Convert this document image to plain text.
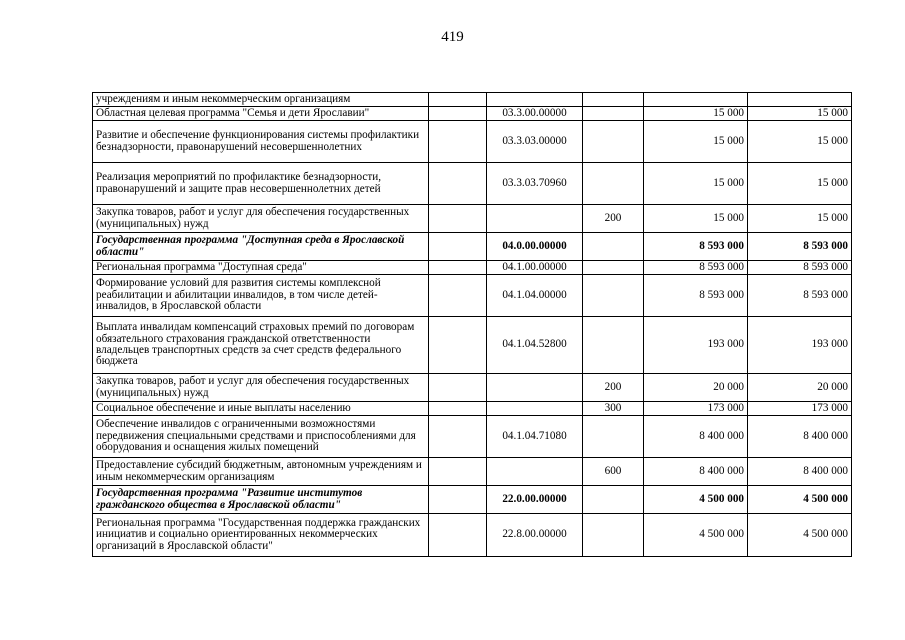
419
учреждениям и иным некоммерческим организациям					
Областная целевая программа "Семья и дети Ярославии"		03.3.00.00000		15 000	15 000
Развитие и обеспечение функционирования системы профилактики безнадзорности, правонарушений несовершеннолетних		03.3.03.00000		15 000	15 000
Реализация мероприятий по профилактике безнадзорности, правонарушений и защите прав несовершеннолетних детей		03.3.03.70960		15 000	15 000
Закупка товаров, работ и услуг для обеспечения государственных (муниципальных) нужд			200	15 000	15 000
Государственная программа "Доступная среда в Ярославской области"		04.0.00.00000		8 593 000	8 593 000
Региональная программа "Доступная среда"		04.1.00.00000		8 593 000	8 593 000
Формирование условий для развития системы комплексной реабилитации и абилитации инвалидов, в том числе детей-инвалидов, в Ярославской области		04.1.04.00000		8 593 000	8 593 000
Выплата инвалидам компенсаций страховых премий по договорам обязательного страхования гражданской ответственности владельцев транспортных средств за счет средств федерального бюджета		04.1.04.52800		193 000	193 000
Закупка товаров, работ и услуг для обеспечения государственных (муниципальных) нужд			200	20 000	20 000
Социальное обеспечение и иные выплаты населению			300	173 000	173 000
Обеспечение инвалидов с ограниченными возможностями передвижения специальными средствами и приспособлениями для оборудования и оснащения жилых помещений		04.1.04.71080		8 400 000	8 400 000
Предоставление субсидий бюджетным, автономным учреждениям и иным некоммерческим организациям			600	8 400 000	8 400 000
Государственная программа "Развитие институтов гражданского общества в Ярославской области"		22.0.00.00000		4 500 000	4 500 000
Региональная программа "Государственная поддержка гражданских инициатив и социально ориентированных некоммерческих организаций в Ярославской области"		22.8.00.00000		4 500 000	4 500 000
